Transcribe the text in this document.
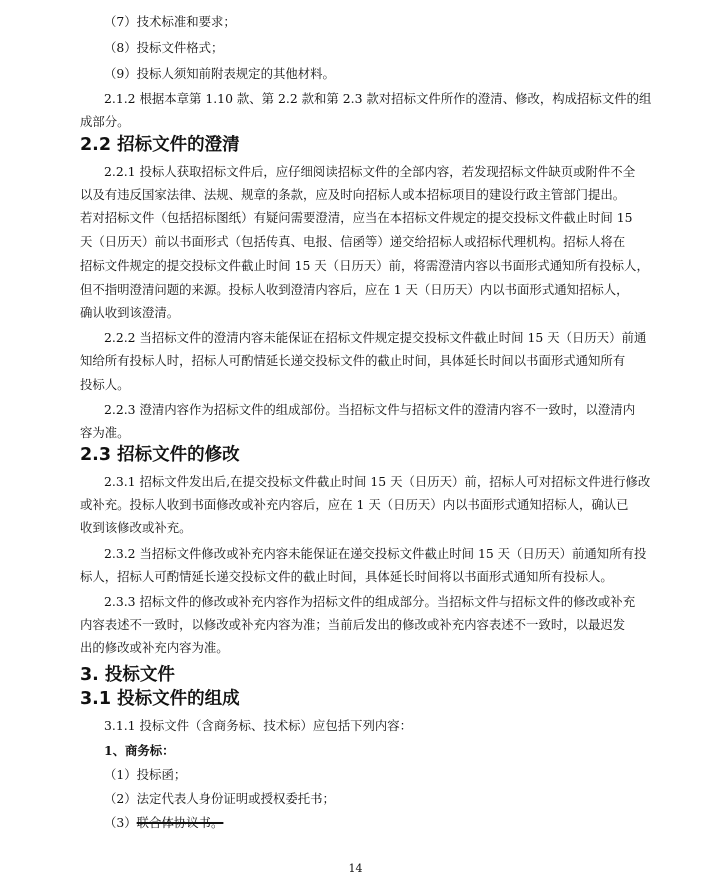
（7）技术标准和要求；
（8）投标文件格式；
（9）投标人须知前附表规定的其他材料。
2.1.2 根据本章第 1.10 款、第 2.2 款和第 2.3 款对招标文件所作的澄清、修改，构成招标文件的组
成部分。
2.2 招标文件的澄清
2.2.1 投标人获取招标文件后，应仔细阅读招标文件的全部内容，若发现招标文件缺页或附件不全
以及有违反国家法律、法规、规章的条款，应及时向招标人或本招标项目的建设行政主管部门提出。
若对招标文件（包括招标图纸）有疑问需要澄清，应当在本招标文件规定的提交投标文件截止时间 15
天（日历天）前以书面形式（包括传真、电报、信函等）递交给招标人或招标代理机构。招标人将在
招标文件规定的提交投标文件截止时间 15 天（日历天）前，将需澄清内容以书面形式通知所有投标人，
但不指明澄清问题的来源。投标人收到澄清内容后，应在 1 天（日历天）内以书面形式通知招标人，
确认收到该澄清。
2.2.2 当招标文件的澄清内容未能保证在招标文件规定提交投标文件截止时间 15 天（日历天）前通
知给所有投标人时，招标人可酌情延长递交投标文件的截止时间，具体延长时间以书面形式通知所有
投标人。
2.2.3 澄清内容作为招标文件的组成部份。当招标文件与招标文件的澄清内容不一致时，以澄清内
容为准。
2.3 招标文件的修改
2.3.1 招标文件发出后,在提交投标文件截止时间 15 天（日历天）前，招标人可对招标文件进行修改
或补充。投标人收到书面修改或补充内容后，应在 1 天（日历天）内以书面形式通知招标人，确认已
收到该修改或补充。
2.3.2 当招标文件修改或补充内容未能保证在递交投标文件截止时间 15 天（日历天）前通知所有投
标人，招标人可酌情延长递交投标文件的截止时间，具体延长时间将以书面形式通知所有投标人。
2.3.3 招标文件的修改或补充内容作为招标文件的组成部分。当招标文件与招标文件的修改或补充
内容表述不一致时，以修改或补充内容为准；当前后发出的修改或补充内容表述不一致时，以最迟发
出的修改或补充内容为准。
3. 投标文件
3.1 投标文件的组成
3.1.1 投标文件（含商务标、技术标）应包括下列内容：
1、商务标：
（1）投标函；
（2）法定代表人身份证明或授权委托书；
（3）联合体协议书。
14
